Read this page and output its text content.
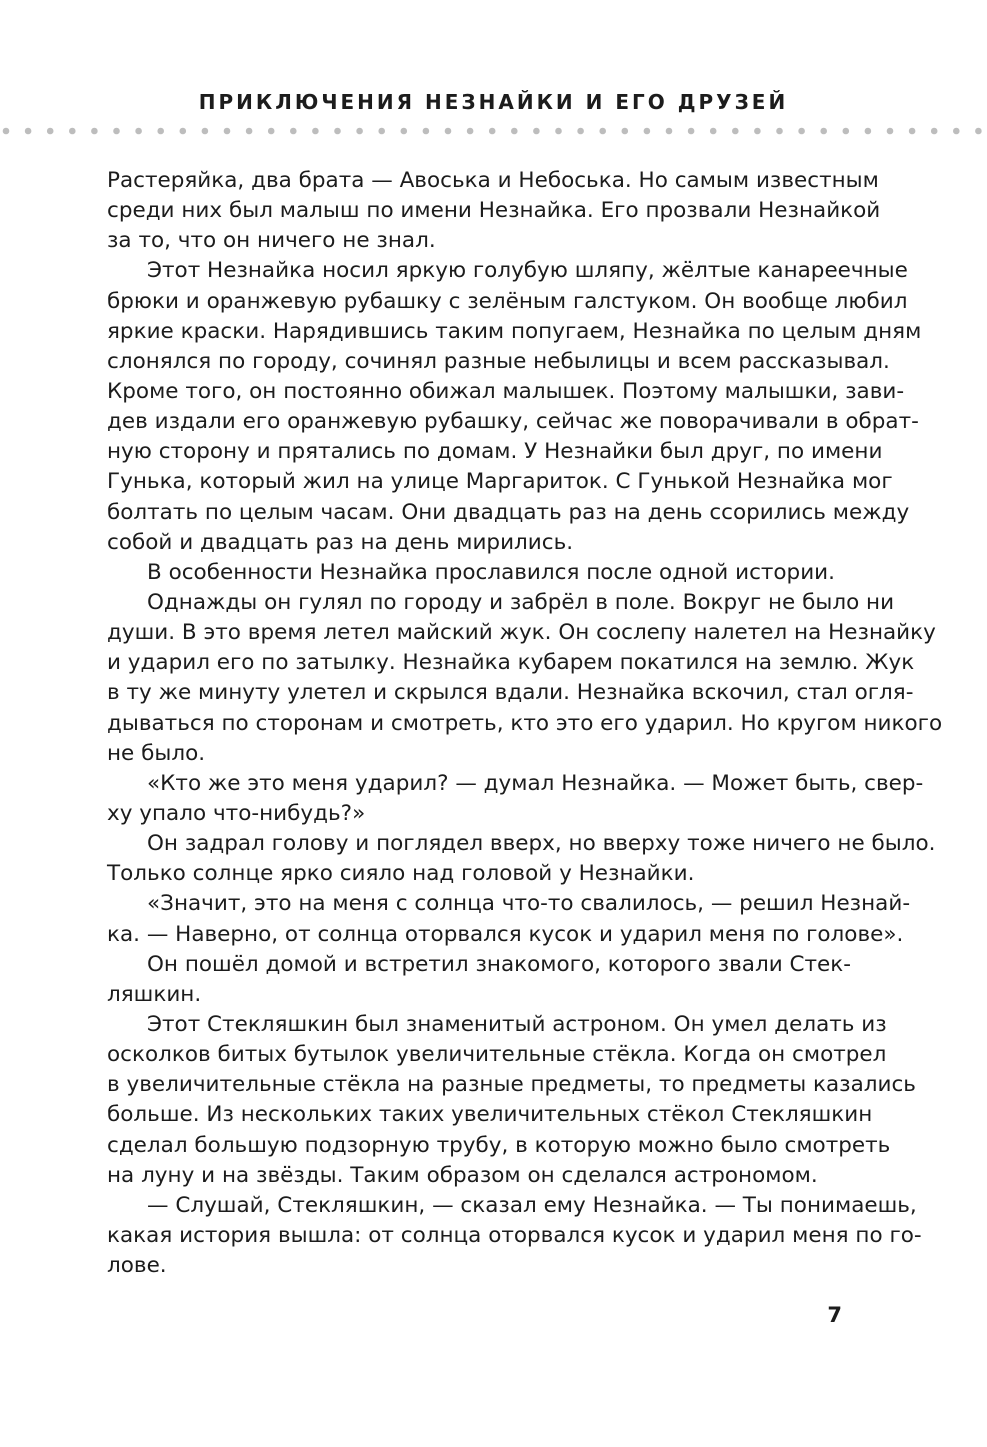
ПРИКЛЮЧЕНИЯ НЕЗНАЙКИ И ЕГО ДРУЗЕЙ
Растеряйка, два брата — Авоська и Небоська. Но самым известным
среди них был малыш по имени Незнайка. Его прозвали Незнайкой
за то, что он ничего не знал.
Этот Незнайка носил яркую голубую шляпу, жёлтые канареечные
брюки и оранжевую рубашку с зелёным галстуком. Он вообще любил
яркие краски. Нарядившись таким попугаем, Незнайка по целым дням
слонялся по городу, сочинял разные небылицы и всем рассказывал.
Кроме того, он постоянно обижал малышек. Поэтому малышки, зави-
дев издали его оранжевую рубашку, сейчас же поворачивали в обрат-
ную сторону и прятались по домам. У Незнайки был друг, по имени
Гунька, который жил на улице Маргариток. С Гунькой Незнайка мог
болтать по целым часам. Они двадцать раз на день ссорились между
собой и двадцать раз на день мирились.
В особенности Незнайка прославился после одной истории.
Однажды он гулял по городу и забрёл в поле. Вокруг не было ни
души. В это время летел майский жук. Он сослепу налетел на Незнайку
и ударил его по затылку. Незнайка кубарем покатился на землю. Жук
в ту же минуту улетел и скрылся вдали. Незнайка вскочил, стал огля-
дываться по сторонам и смотреть, кто это его ударил. Но кругом никого
не было.
«Кто же это меня ударил? — думал Незнайка. — Может быть, свер-
ху упало что-нибудь?»
Он задрал голову и поглядел вверх, но вверху тоже ничего не было.
Только солнце ярко сияло над головой у Незнайки.
«Значит, это на меня с солнца что-то свалилось, — решил Незнай-
ка. — Наверно, от солнца оторвался кусок и ударил меня по голове».
Он пошёл домой и встретил знакомого, которого звали Стек-
ляшкин.
Этот Стекляшкин был знаменитый астроном. Он умел делать из
осколков битых бутылок увеличительные стёкла. Когда он смотрел
в увеличительные стёкла на разные предметы, то предметы казались
больше. Из нескольких таких увеличительных стёкол Стекляшкин
сделал большую подзорную трубу, в которую можно было смотреть
на луну и на звёзды. Таким образом он сделался астрономом.
— Слушай, Стекляшкин, — сказал ему Незнайка. — Ты понимаешь,
какая история вышла: от солнца оторвался кусок и ударил меня по го-
лове.
7
